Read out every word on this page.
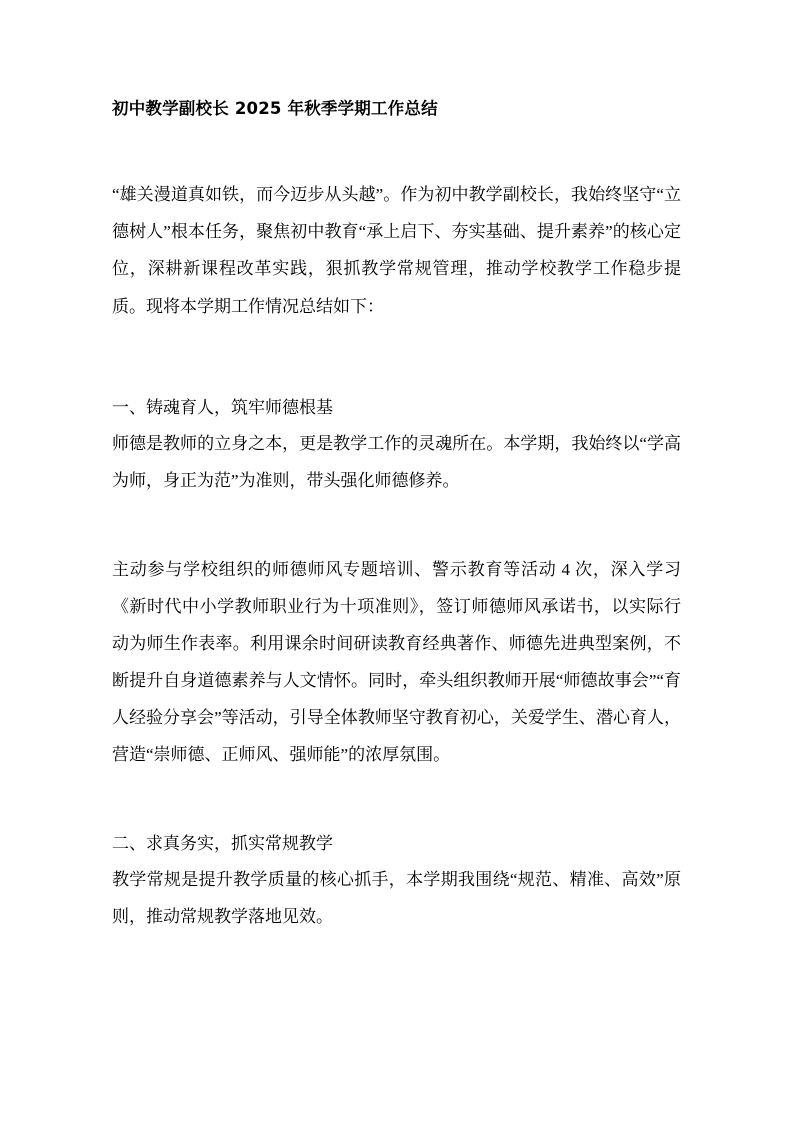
初中教学副校长 2025 年秋季学期工作总结

“雄关漫道真如铁，而今迈步从头越”。作为初中教学副校长，我始终坚守“立德树人”根本任务，聚焦初中教育“承上启下、夯实基础、提升素养”的核心定位，深耕新课程改革实践，狠抓教学常规管理，推动学校教学工作稳步提质。现将本学期工作情况总结如下：

一、铸魂育人，筑牢师德根基

师德是教师的立身之本，更是教学工作的灵魂所在。本学期，我始终以“学高为师，身正为范”为准则，带头强化师德修养。

主动参与学校组织的师德师风专题培训、警示教育等活动 4 次，深入学习《新时代中小学教师职业行为十项准则》，签订师德师风承诺书，以实际行动为师生作表率。利用课余时间研读教育经典著作、师德先进典型案例，不断提升自身道德素养与人文情怀。同时，牵头组织教师开展“师德故事会”“育人经验分享会”等活动，引导全体教师坚守教育初心，关爱学生、潜心育人，营造“崇师德、正师风、强师能”的浓厚氛围。

二、求真务实，抓实常规教学

教学常规是提升教学质量的核心抓手，本学期我围绕“规范、精准、高效”原则，推动常规教学落地见效。
